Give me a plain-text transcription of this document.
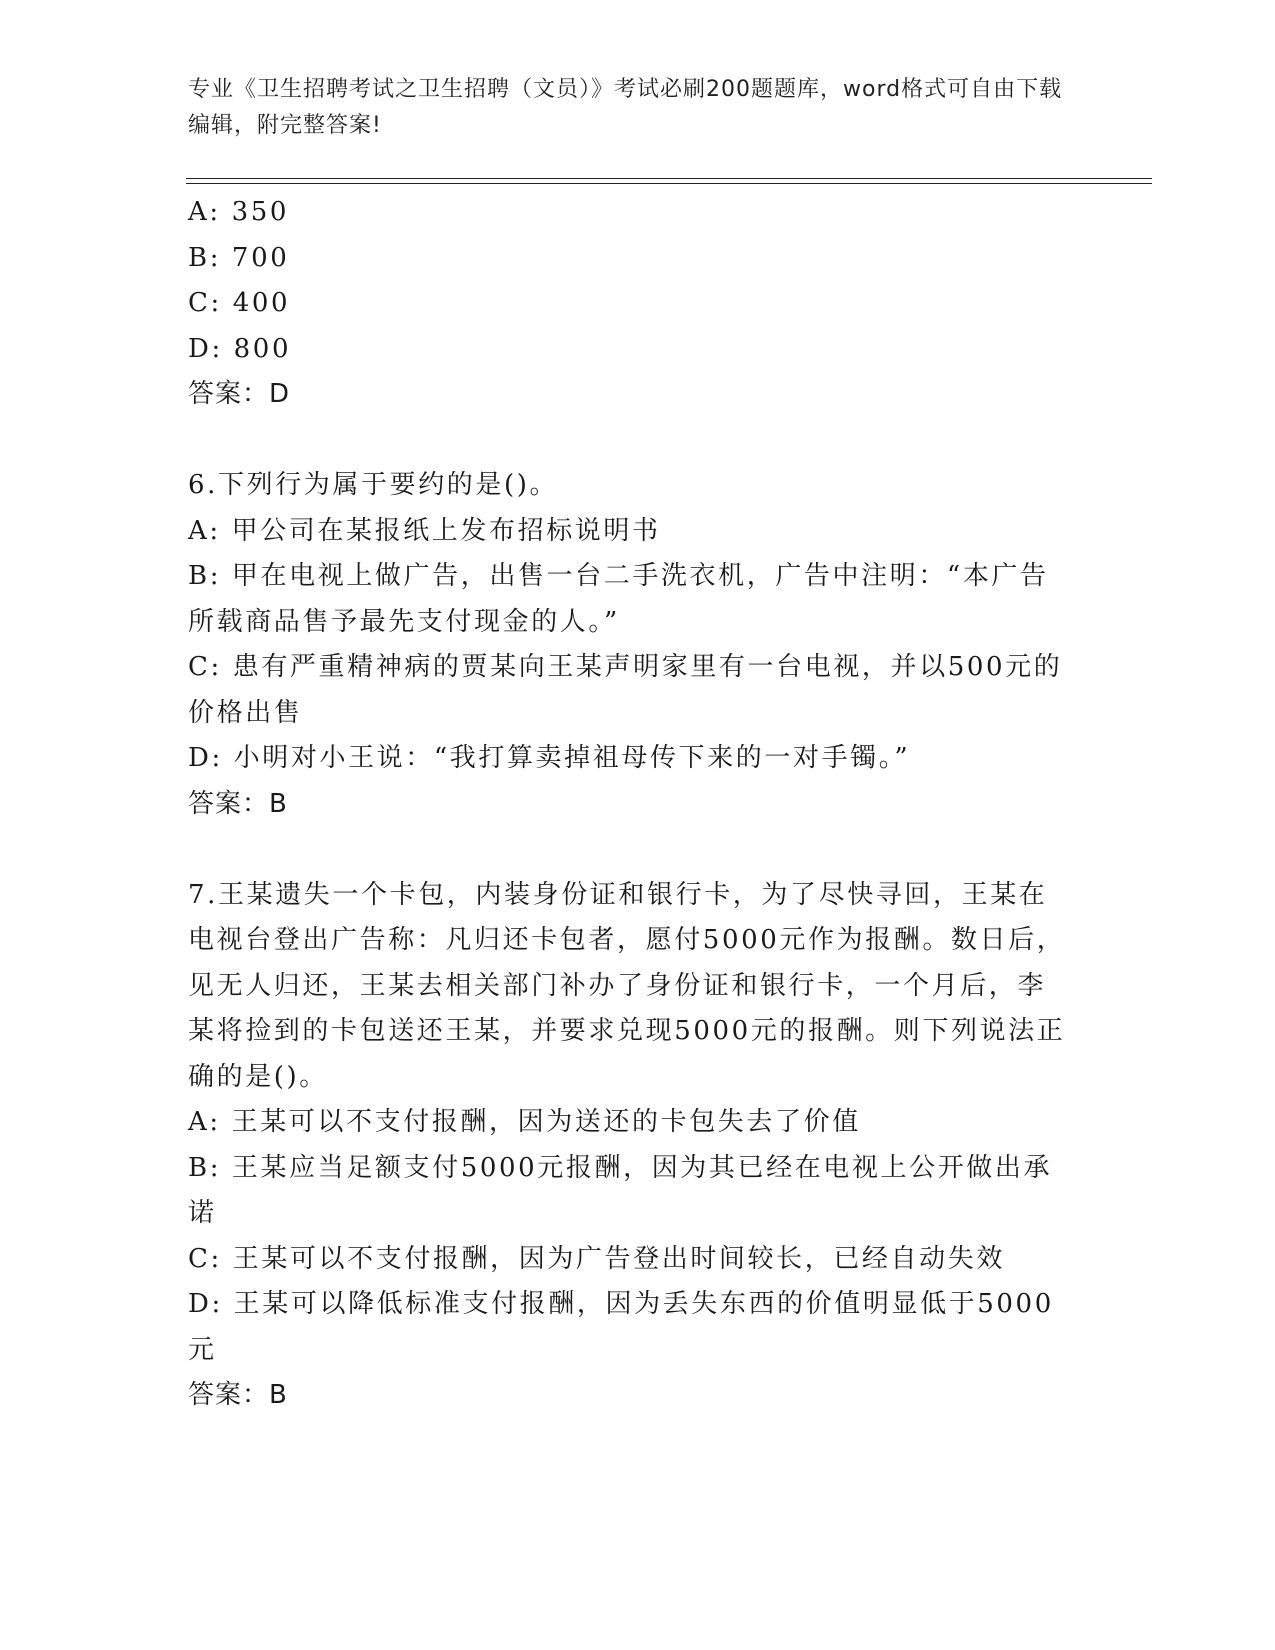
专业《卫生招聘考试之卫生招聘（文员）》考试必刷200题题库，word格式可自由下载编辑，附完整答案!
A: 350
B: 700
C: 400
D: 800
答案：D
6.下列行为属于要约的是()。
A: 甲公司在某报纸上发布招标说明书
B: 甲在电视上做广告，出售一台二手洗衣机，广告中注明：“本广告所载商品售予最先支付现金的人。”
C: 患有严重精神病的贾某向王某声明家里有一台电视，并以500元的价格出售
D: 小明对小王说：“我打算卖掉祖母传下来的一对手镯。”
答案：B
7.王某遗失一个卡包，内装身份证和银行卡，为了尽快寻回，王某在电视台登出广告称：凡归还卡包者，愿付5000元作为报酬。数日后，见无人归还，王某去相关部门补办了身份证和银行卡，一个月后，李某将捡到的卡包送还王某，并要求兑现5000元的报酬。则下列说法正确的是()。
A: 王某可以不支付报酬，因为送还的卡包失去了价值
B: 王某应当足额支付5000元报酬，因为其已经在电视上公开做出承诺
C: 王某可以不支付报酬，因为广告登出时间较长，已经自动失效
D: 王某可以降低标准支付报酬，因为丢失东西的价值明显低于5000元
答案：B
